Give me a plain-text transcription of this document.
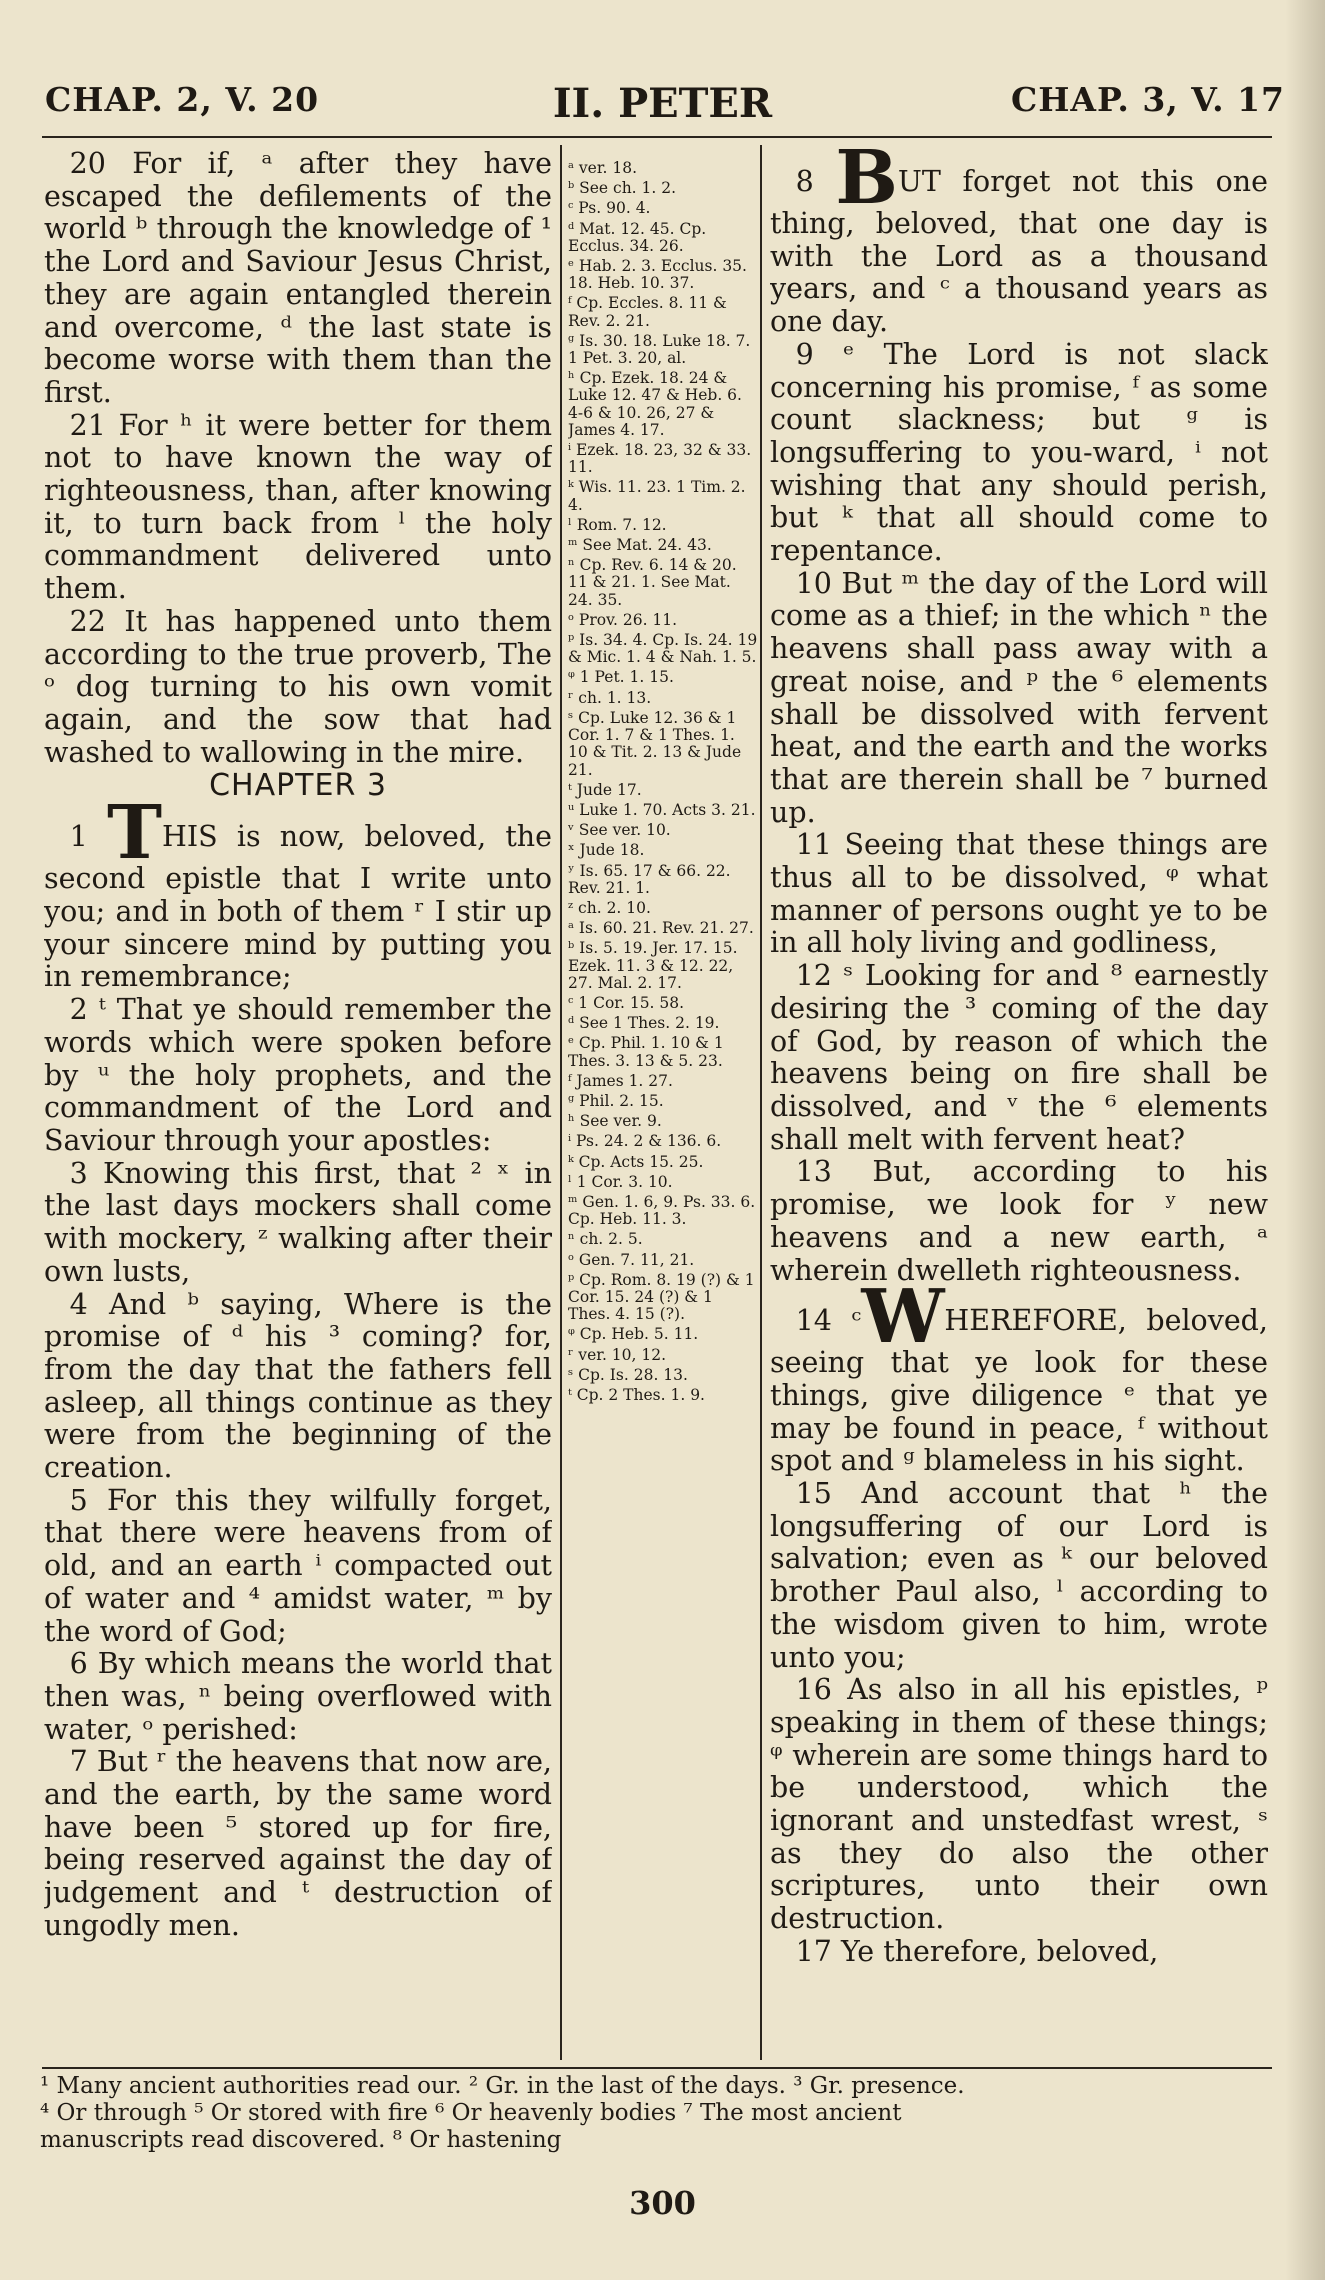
CHAP. 2, V. 20	II. PETER	CHAP. 3, V. 17

20 For if, ᵃ after they have escaped the defilements of the world ᵇ through the knowledge of ¹ the Lord and Saviour Jesus Christ, they are again entangled therein and overcome, ᵈ the last state is become worse with them than the first.

21 For ʰ it were better for them not to have known the way of righteousness, than, after knowing it, to turn back from ˡ the holy commandment delivered unto them.

22 It has happened unto them according to the true proverb, The ᵒ dog turning to his own vomit again, and the sow that had washed to wallowing in the mire.

CHAPTER 3

1 THIS is now, beloved, the second epistle that I write unto you; and in both of them ʳ I stir up your sincere mind by putting you in remembrance;

2 ᵗ That ye should remember the words which were spoken before by ᵘ the holy prophets, and the commandment of the Lord and Saviour through your apostles:

3 Knowing this first, that ² ˣ in the last days mockers shall come with mockery, ᶻ walking after their own lusts,

4 And ᵇ saying, Where is the promise of ᵈ his ³ coming? for, from the day that the fathers fell asleep, all things continue as they were from the beginning of the creation.

5 For this they wilfully forget, that there were heavens from of old, and an earth ⁱ compacted out of water and ⁴ amidst water, ᵐ by the word of God;

6 By which means the world that then was, ⁿ being overflowed with water, ᵒ perished:

7 But ʳ the heavens that now are, and the earth, by the same word have been ⁵ stored up for fire, being reserved against the day of judgement and ᵗ destruction of ungodly men.

ᵃ ver. 18.

ᵇ See ch. 1. 2.

ᶜ Ps. 90. 4.

ᵈ Mat. 12. 45. Cp. Ecclus. 34. 26.

ᵉ Hab. 2. 3. Ecclus. 35. 18. Heb. 10. 37.

ᶠ Cp. Eccles. 8. 11 & Rev. 2. 21.

ᵍ Is. 30. 18. Luke 18. 7. 1 Pet. 3. 20, al.

ʰ Cp. Ezek. 18. 24 & Luke 12. 47 & Heb. 6. 4-6 & 10. 26, 27 & James 4. 17.

ⁱ Ezek. 18. 23, 32 & 33. 11.

ᵏ Wis. 11. 23. 1 Tim. 2. 4.

ˡ Rom. 7. 12.

ᵐ See Mat. 24. 43.

ⁿ Cp. Rev. 6. 14 & 20. 11 & 21. 1. See Mat. 24. 35.

ᵒ Prov. 26. 11.

ᵖ Is. 34. 4. Cp. Is. 24. 19 & Mic. 1. 4 & Nah. 1. 5.

ᵠ 1 Pet. 1. 15.

ʳ ch. 1. 13.

ˢ Cp. Luke 12. 36 & 1 Cor. 1. 7 & 1 Thes. 1. 10 & Tit. 2. 13 & Jude 21.

ᵗ Jude 17.

ᵘ Luke 1. 70. Acts 3. 21.

ᵛ See ver. 10.

ˣ Jude 18.

ʸ Is. 65. 17 & 66. 22. Rev. 21. 1.

ᶻ ch. 2. 10.

ᵃ Is. 60. 21. Rev. 21. 27.

ᵇ Is. 5. 19. Jer. 17. 15. Ezek. 11. 3 & 12. 22, 27. Mal. 2. 17.

ᶜ 1 Cor. 15. 58.

ᵈ See 1 Thes. 2. 19.

ᵉ Cp. Phil. 1. 10 & 1 Thes. 3. 13 & 5. 23.

ᶠ James 1. 27.

ᵍ Phil. 2. 15.

ʰ See ver. 9.

ⁱ Ps. 24. 2 & 136. 6.

ᵏ Cp. Acts 15. 25.

ˡ 1 Cor. 3. 10.

ᵐ Gen. 1. 6, 9. Ps. 33. 6. Cp. Heb. 11. 3.

ⁿ ch. 2. 5.

ᵒ Gen. 7. 11, 21.

ᵖ Cp. Rom. 8. 19 (?) & 1 Cor. 15. 24 (?) & 1 Thes. 4. 15 (?).

ᵠ Cp. Heb. 5. 11.

ʳ ver. 10, 12.

ˢ Cp. Is. 28. 13.

ᵗ Cp. 2 Thes. 1. 9.

8 BUT forget not this one thing, beloved, that one day is with the Lord as a thousand years, and ᶜ a thousand years as one day.

9 ᵉ The Lord is not slack concerning his promise, ᶠ as some count slackness; but ᵍ is longsuffering to you-ward, ⁱ not wishing that any should perish, but ᵏ that all should come to repentance.

10 But ᵐ the day of the Lord will come as a thief; in the which ⁿ the heavens shall pass away with a great noise, and ᵖ the ⁶ elements shall be dissolved with fervent heat, and the earth and the works that are therein shall be ⁷ burned up.

11 Seeing that these things are thus all to be dissolved, ᵠ what manner of persons ought ye to be in all holy living and godliness,

12 ˢ Looking for and ⁸ earnestly desiring the ³ coming of the day of God, by reason of which the heavens being on fire shall be dissolved, and ᵛ the ⁶ elements shall melt with fervent heat?

13 But, according to his promise, we look for ʸ new heavens and a new earth, ᵃ wherein dwelleth righteousness.

14 ᶜWHEREFORE, beloved, seeing that ye look for these things, give diligence ᵉ that ye may be found in peace, ᶠ without spot and ᵍ blameless in his sight.

15 And account that ʰ the longsuffering of our Lord is salvation; even as ᵏ our beloved brother Paul also, ˡ according to the wisdom given to him, wrote unto you;

16 As also in all his epistles, ᵖ speaking in them of these things; ᵠ wherein are some things hard to be understood, which the ignorant and unstedfast wrest, ˢ as they do also the other scriptures, unto their own destruction.

17 Ye therefore, beloved,

¹ Many ancient authorities read our. ² Gr. in the last of the days. ³ Gr. presence.

⁴ Or through ⁵ Or stored with fire ⁶ Or heavenly bodies ⁷ The most ancient

manuscripts read discovered. ⁸ Or hastening

300
